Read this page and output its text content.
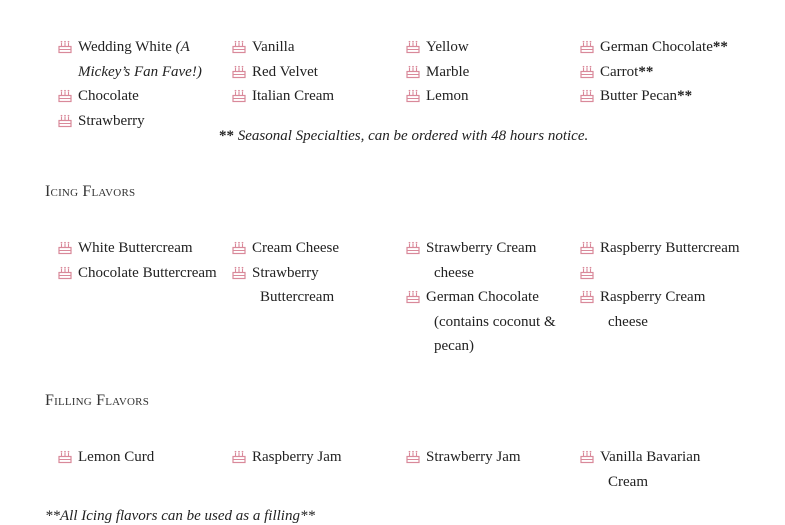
Wedding White (A Mickey’s Fan Fave!)
Chocolate
Strawberry
Vanilla
Red Velvet
Italian Cream
Yellow
Marble
Lemon
German Chocolate**
Carrot**
Butter Pecan**
** Seasonal Specialties, can be ordered with 48 hours notice.
Icing Flavors
White Buttercream
Chocolate Buttercream
Cream Cheese
Strawberry Buttercream
Strawberry Cream cheese
German Chocolate (contains coconut & pecan)
Raspberry Buttercream

Raspberry Cream cheese
Filling Flavors
Lemon Curd	Raspberry Jam	Strawberry Jam	Vanilla Bavarian Cream
**All Icing flavors can be used as a filling**
